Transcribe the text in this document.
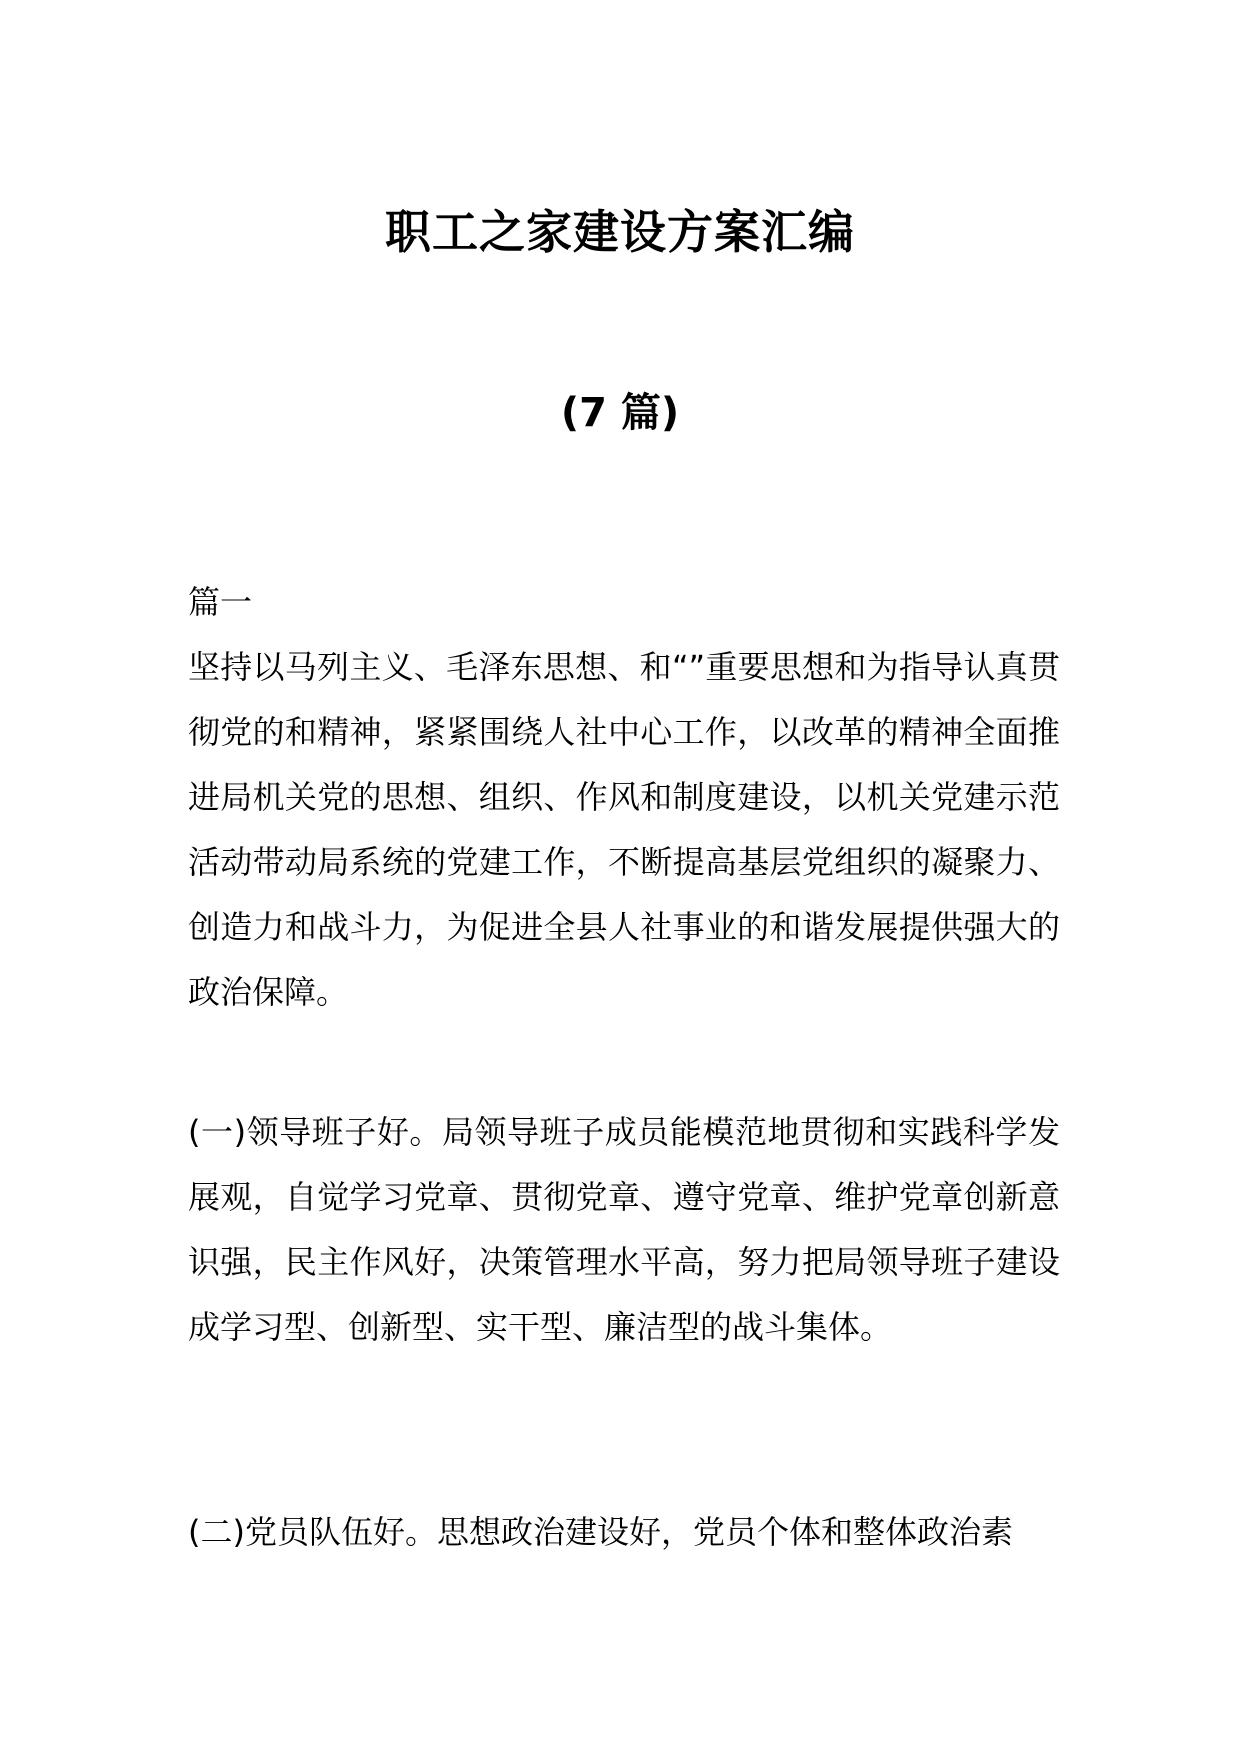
职工之家建设方案汇编
(7 篇)
篇一

坚持以马列主义、毛泽东思想、和“”重要思想和为指导认真贯彻党的和精神，紧紧围绕人社中心工作，以改革的精神全面推进局机关党的思想、组织、作风和制度建设，以机关党建示范活动带动局系统的党建工作，不断提高基层党组织的凝聚力、创造力和战斗力，为促进全县人社事业的和谐发展提供强大的政治保障。

(一)领导班子好。局领导班子成员能模范地贯彻和实践科学发展观，自觉学习党章、贯彻党章、遵守党章、维护党章创新意识强，民主作风好，决策管理水平高，努力把局领导班子建设成学习型、创新型、实干型、廉洁型的战斗集体。

(二)党员队伍好。思想政治建设好，党员个体和整体政治素
